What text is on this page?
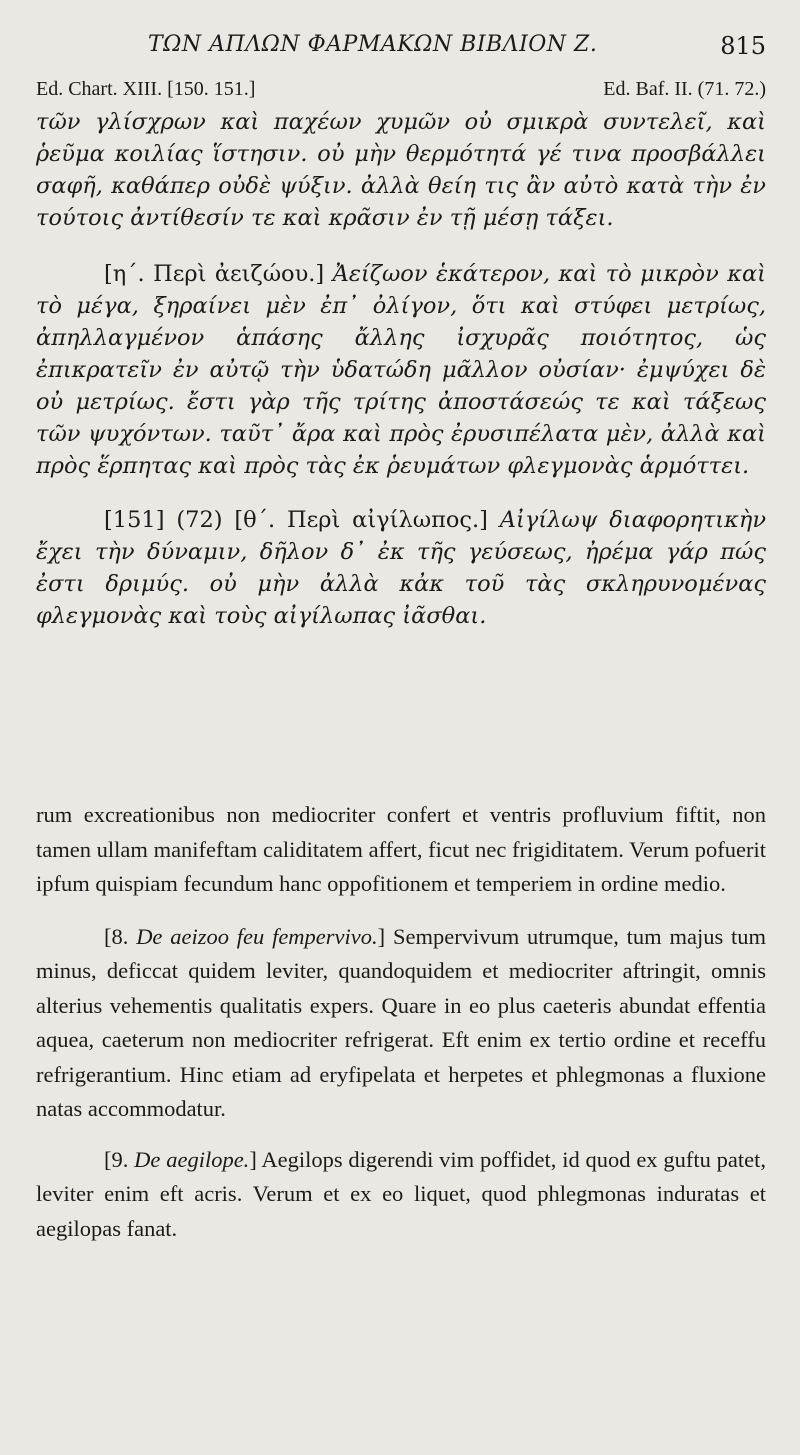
ΤΩΝ ΑΠΛΩΝ ΦΑΡΜΑΚΩΝ ΒΙΒΛΙΟΝ Ζ.	815
Ed. Chart. XIII. [150. 151.]	Ed. Baf. II. (71. 72.)

τῶν γλίσχρων καὶ παχέων χυμῶν οὐ σμικρὰ συντελεῖ, καὶ ῥεῦμα κοιλίας ἵστησιν. οὐ μὴν θερμότητά γέ τινα προσβάλλει σαφῆ, καθάπερ οὐδὲ ψύξιν. ἀλλὰ θείη τις ἂν αὐτὸ κατὰ τὴν ἐν τούτοις ἀντίθεσίν τε καὶ κρᾶσιν ἐν τῇ μέσῃ τάξει.

[η΄. Περὶ ἀειζώου.] Ἀείζωον ἑκάτερον, καὶ τὸ μικρὸν καὶ τὸ μέγα, ξηραίνει μὲν ἐπ᾿ ὀλίγον, ὅτι καὶ στύφει μετρίως, ἀπηλλαγμένον ἁπάσης ἄλλης ἰσχυρᾶς ποιότητος, ὡς ἐπικρατεῖν ἐν αὐτῷ τὴν ὑδατώδη μᾶλλον οὐσίαν· ἐμψύχει δὲ οὐ μετρίως. ἔστι γὰρ τῆς τρίτης ἀποστάσεώς τε καὶ τάξεως τῶν ψυχόντων. ταῦτ᾿ ἄρα καὶ πρὸς ἐρυσιπέλατα μὲν, ἀλλὰ καὶ πρὸς ἕρπητας καὶ πρὸς τὰς ἐκ ῥευμάτων φλεγμονὰς ἁρμόττει.

[151] (72) [θ΄. Περὶ αἰγίλωπος.] Αἰγίλωψ διαφορητικὴν ἔχει τὴν δύναμιν, δῆλον δ᾿ ἐκ τῆς γεύσεως, ἠρέμα γάρ πώς ἐστι δριμύς. οὐ μὴν ἀλλὰ κἀκ τοῦ τὰς σκληρυνομένας φλεγμονὰς καὶ τοὺς αἰγίλωπας ἰᾶσθαι.

rum excreationibus non mediocriter confert et ventris profluvium fiftit, non tamen ullam manifeftam caliditatem affert, ficut nec frigiditatem. Verum pofuerit ipfum quispiam fecundum hanc oppofitionem et temperiem in ordine medio.

[8. De aeizoo feu fempervivo.] Sempervivum utrumque, tum majus tum minus, deficcat quidem leviter, quandoquidem et mediocriter aftringit, omnis alterius vehementis qualitatis expers. Quare in eo plus caeteris abundat effentia aquea, caeterum non mediocriter refrigerat. Eft enim ex tertio ordine et receffu refrigerantium. Hinc etiam ad eryfipelata et herpetes et phlegmonas a fluxione natas accommodatur.

[9. De aegilope.] Aegilops digerendi vim poffidet, id quod ex guftu patet, leviter enim eft acris. Verum et ex eo liquet, quod phlegmonas induratas et aegilopas fanat.
